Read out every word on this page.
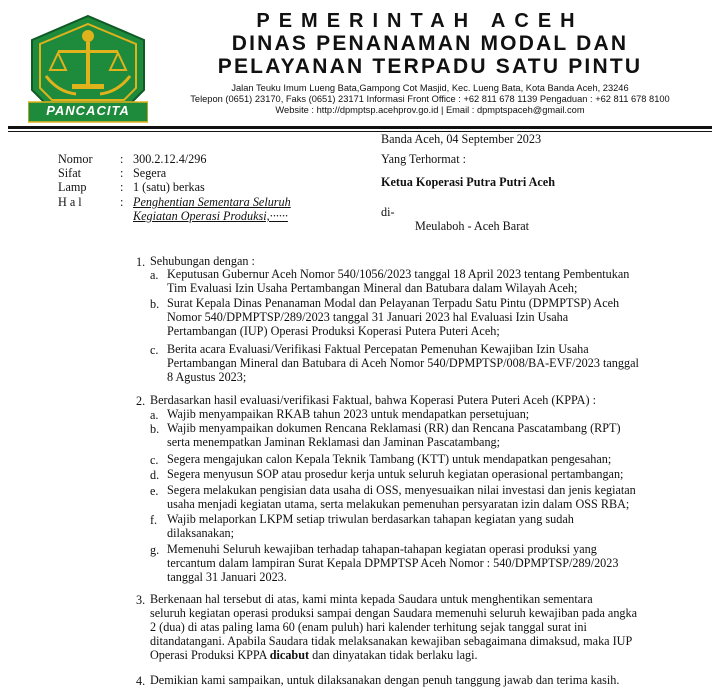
PANCACITA
PEMERINTAH ACEH
DINAS PENANAMAN MODAL DAN
PELAYANAN TERPADU SATU PINTU
Jalan Teuku Imum Lueng Bata,Gampong Cot Masjid, Kec. Lueng Bata, Kota Banda Aceh, 23246
Telepon (0651) 23170, Faks (0651) 23171 Informasi Front Office : +62 811 678 1139 Pengaduan : +62 811 678 8100
Website : http://dpmptsp.acehprov.go.id | Email : dpmptspaceh@gmail.com
Banda Aceh, 04 September 2023
Yang Terhormat :
Ketua Koperasi Putra Putri Aceh
di-
Meulaboh - Aceh Barat
Nomor : 300.2.12.4/296
Sifat	: Segera
Lamp	: 1 (satu) berkas
H a l	: Penghentian Sementara Seluruh
Kegiatan Operasi Produksi,······
1. Sehubungan dengan :
a. Keputusan Gubernur Aceh Nomor 540/1056/2023 tanggal 18 April 2023 tentang Pembentukan
Tim Evaluasi Izin Usaha Pertambangan Mineral dan Batubara dalam Wilayah Aceh;
b. Surat Kepala Dinas Penanaman Modal dan Pelayanan Terpadu Satu Pintu (DPMPTSP) Aceh
Nomor 540/DPMPTSP/289/2023 tanggal 31 Januari 2023 hal Evaluasi Izin Usaha
Pertambangan (IUP) Operasi Produksi Koperasi Putera Puteri Aceh;
c. Berita acara Evaluasi/Verifikasi Faktual Percepatan Pemenuhan Kewajiban Izin Usaha
Pertambangan Mineral dan Batubara di Aceh Nomor 540/DPMPTSP/008/BA-EVF/2023 tanggal
8 Agustus 2023;
2. Berdasarkan hasil evaluasi/verifikasi Faktual, bahwa Koperasi Putera Puteri Aceh (KPPA) :
a. Wajib menyampaikan RKAB tahun 2023 untuk mendapatkan persetujuan;
b. Wajib menyampaikan dokumen Rencana Reklamasi (RR) dan Rencana Pascatambang (RPT)
serta menempatkan Jaminan Reklamasi dan Jaminan Pascatambang;
c. Segera mengajukan calon Kepala Teknik Tambang (KTT) untuk mendapatkan pengesahan;
d. Segera menyusun SOP atau prosedur kerja untuk seluruh kegiatan operasional pertambangan;
e. Segera melakukan pengisian data usaha di OSS, menyesuaikan nilai investasi dan jenis kegiatan
usaha menjadi kegiatan utama, serta melakukan pemenuhan persyaratan izin dalam OSS RBA;
f. Wajib melaporkan LKPM setiap triwulan berdasarkan tahapan kegiatan yang sudah
dilaksanakan;
g. Memenuhi Seluruh kewajiban terhadap tahapan-tahapan kegiatan operasi produksi yang
tercantum dalam lampiran Surat Kepala DPMPTSP Aceh Nomor : 540/DPMPTSP/289/2023
tanggal 31 Januari 2023.
3. Berkenaan hal tersebut di atas, kami minta kepada Saudara untuk menghentikan sementara
seluruh kegiatan operasi produksi sampai dengan Saudara memenuhi seluruh kewajiban pada angka
2 (dua) di atas paling lama 60 (enam puluh) hari kalender terhitung sejak tanggal surat ini
ditandatangani. Apabila Saudara tidak melaksanakan kewajiban sebagaimana dimaksud, maka IUP
Operasi Produksi KPPA dicabut dan dinyatakan tidak berlaku lagi.
4. Demikian kami sampaikan, untuk dilaksanakan dengan penuh tanggung jawab dan terima kasih.
